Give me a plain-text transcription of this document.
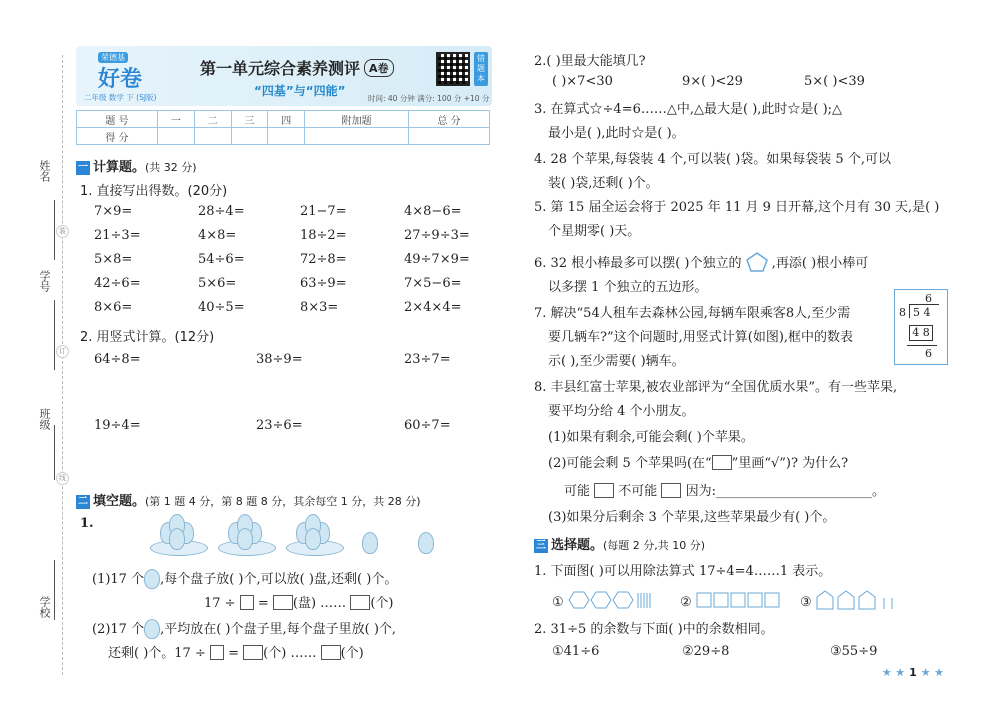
姓名
学号
班级
学校
装
订
线
荣德基
好卷
二年级 数学 下 (SJ版)
第一单元综合素养测评 A卷
“四基”与“四能”
错题本
时间: 40 分钟 满分: 100 分 +10 分
题 号	一	二	三	四	附加题	总 分
得 分						
一 计算题。(共 32 分)
1. 直接写出得数。(20分)
7×9=	28÷4=	21−7=	4×8−6=
21÷3=	4×8=	18÷2=	27÷9÷3=
5×8=	54÷6=	72÷8=	49÷7×9=
42÷6=	5×6=	63÷9=	7×5−6=
8×6=	40÷5=	8×3=	2×4×4=
2. 用竖式计算。(12分)
64÷8=	38÷9=	23÷7=
19÷4=	23÷6=	60÷7=
二 填空题。(第 1 题 4 分，第 8 题 8 分，其余每空 1 分，共 28 分)
1.
(1)17 个 ,每个盘子放( )个,可以放( )盘,还剩( )个。
17 ÷ = (盘) …… (个)
(2)17 个 ,平均放在( )个盘子里,每个盘子里放( )个,
还剩( )个。17 ÷ = (个) …… (个)
2.( )里最大能填几?
( )×7<30	9×( )<29	5×( )<39
3. 在算式☆÷4=6……△中,△最大是( ),此时☆是( );△
最小是( ),此时☆是( )。
4. 28 个苹果,每袋装 4 个,可以装( )袋。如果每袋装 5 个,可以
装( )袋,还剩( )个。
5. 第 15 届全运会将于 2025 年 11 月 9 日开幕,这个月有 30 天,是( )
个星期零( )天。
6. 32 根小棒最多可以摆( )个独立的 ,再添( )根小棒可
以多摆 1 个独立的五边形。
7. 解决“54人租车去森林公园,每辆车限乘客8人,至少需
要几辆车?”这个问题时,用竖式计算(如图),框中的数表
示( ),至少需要( )辆车。
6
8 5 4
4 8
6
8. 丰县红富士苹果,被农业部评为“全国优质水果”。有一些苹果,
要平均分给 4 个小朋友。
(1)如果有剩余,可能会剩( )个苹果。
(2)可能会剩 5 个苹果吗(在“ ”里画“√”)? 为什么?
可能 不可能 因为:________________________。
(3)如果分后剩余 3 个苹果,这些苹果最少有( )个。
三 选择题。(每题 2 分,共 10 分)
1. 下面图( )可以用除法算式 17÷4=4……1 表示。
①	②	③
2. 31÷5 的余数与下面( )中的余数相同。
①41÷6	②29÷8	③55÷9
★ ★ 1 ★ ★
